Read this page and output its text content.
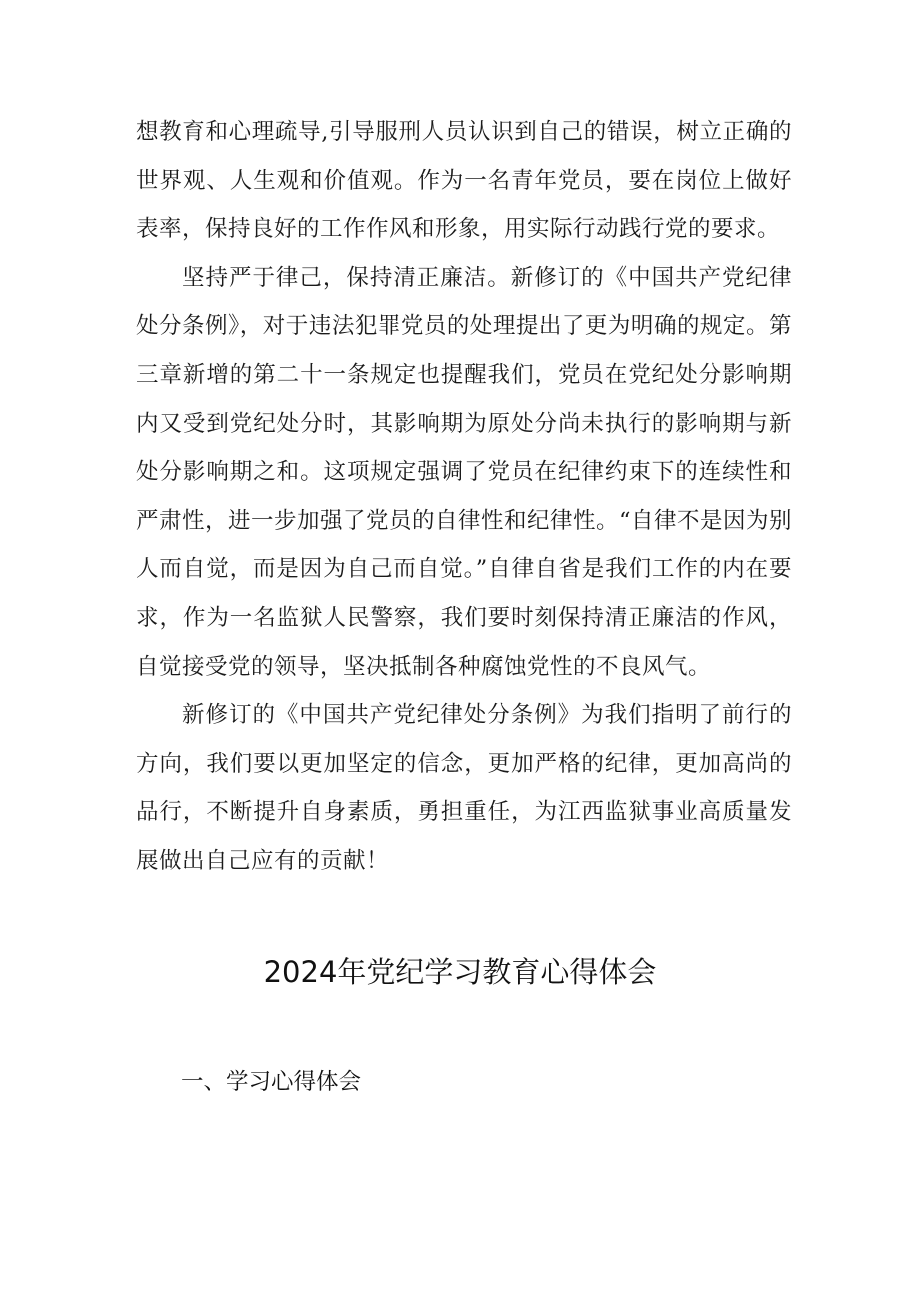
想教育和心理疏导,引导服刑人员认识到自己的错误，树立正确的世界观、人生观和价值观。作为一名青年党员，要在岗位上做好表率，保持良好的工作作风和形象，用实际行动践行党的要求。

坚持严于律己，保持清正廉洁。新修订的《中国共产党纪律处分条例》，对于违法犯罪党员的处理提出了更为明确的规定。第三章新增的第二十一条规定也提醒我们，党员在党纪处分影响期内又受到党纪处分时，其影响期为原处分尚未执行的影响期与新处分影响期之和。这项规定强调了党员在纪律约束下的连续性和严肃性，进一步加强了党员的自律性和纪律性。“自律不是因为别人而自觉，而是因为自己而自觉。”自律自省是我们工作的内在要求，作为一名监狱人民警察，我们要时刻保持清正廉洁的作风，自觉接受党的领导，坚决抵制各种腐蚀党性的不良风气。

新修订的《中国共产党纪律处分条例》为我们指明了前行的方向，我们要以更加坚定的信念，更加严格的纪律，更加高尚的品行，不断提升自身素质，勇担重任，为江西监狱事业高质量发展做出自己应有的贡献！

2024年党纪学习教育心得体会
一、学习心得体会
